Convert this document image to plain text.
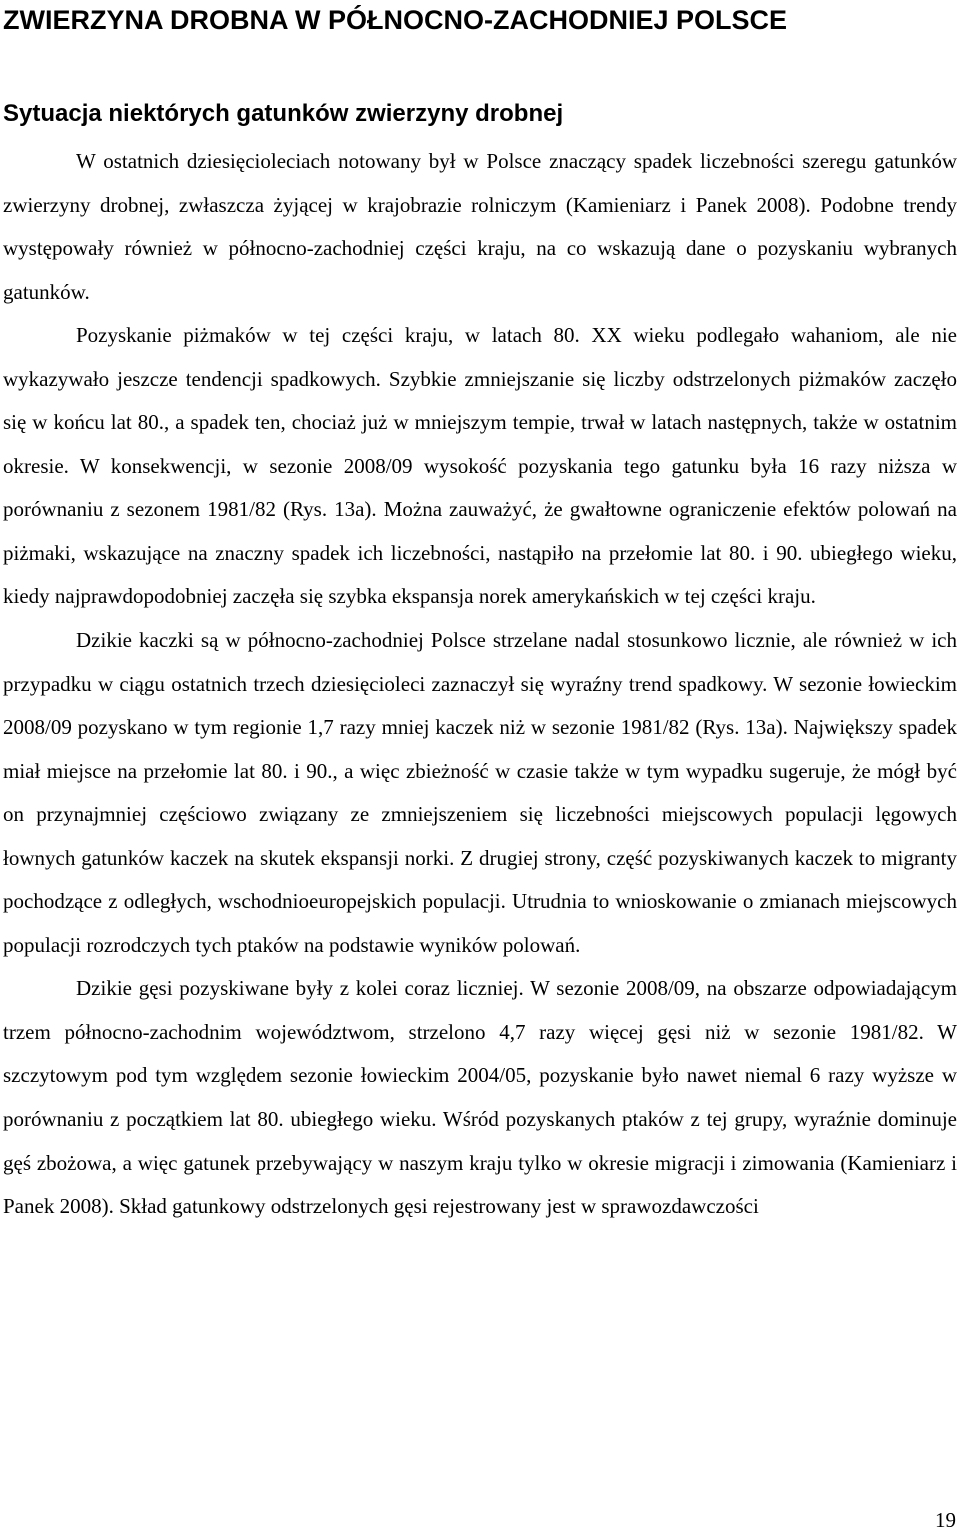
ZWIERZYNA DROBNA W PÓŁNOCNO-ZACHODNIEJ POLSCE
Sytuacja niektórych gatunków zwierzyny drobnej

W ostatnich dziesięcioleciach notowany był w Polsce znaczący spadek liczebności szeregu gatunków zwierzyny drobnej, zwłaszcza żyjącej w krajobrazie rolniczym (Kamieniarz i Panek 2008). Podobne trendy występowały również w północno-zachodniej części kraju, na co wskazują dane o pozyskaniu wybranych gatunków.

Pozyskanie piżmaków w tej części kraju, w latach 80. XX wieku podlegało wahaniom, ale nie wykazywało jeszcze tendencji spadkowych. Szybkie zmniejszanie się liczby odstrzelonych piżmaków zaczęło się w końcu lat 80., a spadek ten, chociaż już w mniejszym tempie, trwał w latach następnych, także w ostatnim okresie. W konsekwencji, w sezonie 2008/09 wysokość pozyskania tego gatunku była 16 razy niższa w porównaniu z sezonem 1981/82 (Rys. 13a). Można zauważyć, że gwałtowne ograniczenie efektów polowań na piżmaki, wskazujące na znaczny spadek ich liczebności, nastąpiło na przełomie lat 80. i 90. ubiegłego wieku, kiedy najprawdopodobniej zaczęła się szybka ekspansja norek amerykańskich w tej części kraju.

Dzikie kaczki są w północno-zachodniej Polsce strzelane nadal stosunkowo licznie, ale również w ich przypadku w ciągu ostatnich trzech dziesięcioleci zaznaczył się wyraźny trend spadkowy. W sezonie łowieckim 2008/09 pozyskano w tym regionie 1,7 razy mniej kaczek niż w sezonie 1981/82 (Rys. 13a). Największy spadek miał miejsce na przełomie lat 80. i 90., a więc zbieżność w czasie także w tym wypadku sugeruje, że mógł być on przynajmniej częściowo związany ze zmniejszeniem się liczebności miejscowych populacji lęgowych łownych gatunków kaczek na skutek ekspansji norki. Z drugiej strony, część pozyskiwanych kaczek to migranty pochodzące z odległych, wschodnioeuropejskich populacji. Utrudnia to wnioskowanie o zmianach miejscowych populacji rozrodczych tych ptaków na podstawie wyników polowań.

Dzikie gęsi pozyskiwane były z kolei coraz liczniej. W sezonie 2008/09, na obszarze odpowiadającym trzem północno-zachodnim województwom, strzelono 4,7 razy więcej gęsi niż w sezonie 1981/82. W szczytowym pod tym względem sezonie łowieckim 2004/05, pozyskanie było nawet niemal 6 razy wyższe w porównaniu z początkiem lat 80. ubiegłego wieku. Wśród pozyskanych ptaków z tej grupy, wyraźnie dominuje gęś zbożowa, a więc gatunek przebywający w naszym kraju tylko w okresie migracji i zimowania (Kamieniarz i Panek 2008). Skład gatunkowy odstrzelonych gęsi rejestrowany jest w sprawozdawczości

19
